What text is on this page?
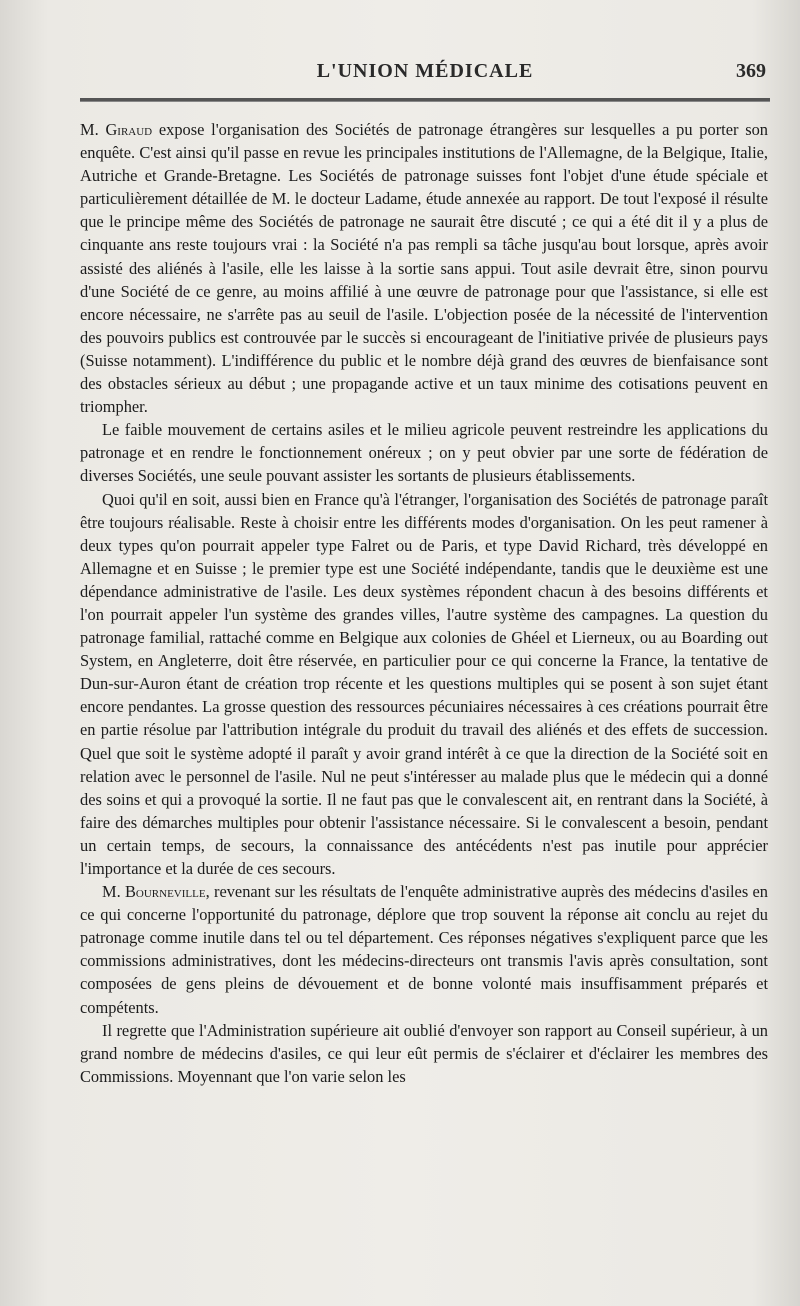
L'UNION MÉDICALE	369

M. Giraud expose l'organisation des Sociétés de patronage étrangères sur lesquelles a pu porter son enquête. C'est ainsi qu'il passe en revue les principales institutions de l'Allemagne, de la Belgique, Italie, Autriche et Grande-Bretagne. Les Sociétés de patronage suisses font l'objet d'une étude spéciale et particulièrement détaillée de M. le docteur Ladame, étude annexée au rapport. De tout l'exposé il résulte que le principe même des Sociétés de patronage ne saurait être discuté ; ce qui a été dit il y a plus de cinquante ans reste toujours vrai : la Société n'a pas rempli sa tâche jusqu'au bout lorsque, après avoir assisté des aliénés à l'asile, elle les laisse à la sortie sans appui. Tout asile devrait être, sinon pourvu d'une Société de ce genre, au moins affilié à une œuvre de patronage pour que l'assistance, si elle est encore nécessaire, ne s'arrête pas au seuil de l'asile. L'objection posée de la nécessité de l'intervention des pouvoirs publics est controuvée par le succès si encourageant de l'initiative privée de plusieurs pays (Suisse notamment). L'indifférence du public et le nombre déjà grand des œuvres de bienfaisance sont des obstacles sérieux au début ; une propagande active et un taux minime des cotisations peuvent en triompher.

Le faible mouvement de certains asiles et le milieu agricole peuvent restreindre les applications du patronage et en rendre le fonctionnement onéreux ; on y peut obvier par une sorte de fédération de diverses Sociétés, une seule pouvant assister les sortants de plusieurs établissements.

Quoi qu'il en soit, aussi bien en France qu'à l'étranger, l'organisation des Sociétés de patronage paraît être toujours réalisable. Reste à choisir entre les différents modes d'organisation. On les peut ramener à deux types qu'on pourrait appeler type Falret ou de Paris, et type David Richard, très développé en Allemagne et en Suisse ; le premier type est une Société indépendante, tandis que le deuxième est une dépendance administrative de l'asile. Les deux systèmes répondent chacun à des besoins différents et l'on pourrait appeler l'un système des grandes villes, l'autre système des campagnes. La question du patronage familial, rattaché comme en Belgique aux colonies de Ghéel et Lierneux, ou au Boarding out System, en Angleterre, doit être réservée, en particulier pour ce qui concerne la France, la tentative de Dun-sur-Auron étant de création trop récente et les questions multiples qui se posent à son sujet étant encore pendantes. La grosse question des ressources pécuniaires nécessaires à ces créations pourrait être en partie résolue par l'attribution intégrale du produit du travail des aliénés et des effets de succession. Quel que soit le système adopté il paraît y avoir grand intérêt à ce que la direction de la Société soit en relation avec le personnel de l'asile. Nul ne peut s'intéresser au malade plus que le médecin qui a donné des soins et qui a provoqué la sortie. Il ne faut pas que le convalescent ait, en rentrant dans la Société, à faire des démarches multiples pour obtenir l'assistance nécessaire. Si le convalescent a besoin, pendant un certain temps, de secours, la connaissance des antécédents n'est pas inutile pour apprécier l'importance et la durée de ces secours.

M. Bourneville, revenant sur les résultats de l'enquête administrative auprès des médecins d'asiles en ce qui concerne l'opportunité du patronage, déplore que trop souvent la réponse ait conclu au rejet du patronage comme inutile dans tel ou tel département. Ces réponses négatives s'expliquent parce que les commissions administratives, dont les médecins-directeurs ont transmis l'avis après consultation, sont composées de gens pleins de dévouement et de bonne volonté mais insuffisamment préparés et compétents.

Il regrette que l'Administration supérieure ait oublié d'envoyer son rapport au Conseil supérieur, à un grand nombre de médecins d'asiles, ce qui leur eût permis de s'éclairer et d'éclairer les membres des Commissions. Moyennant que l'on varie selon les
